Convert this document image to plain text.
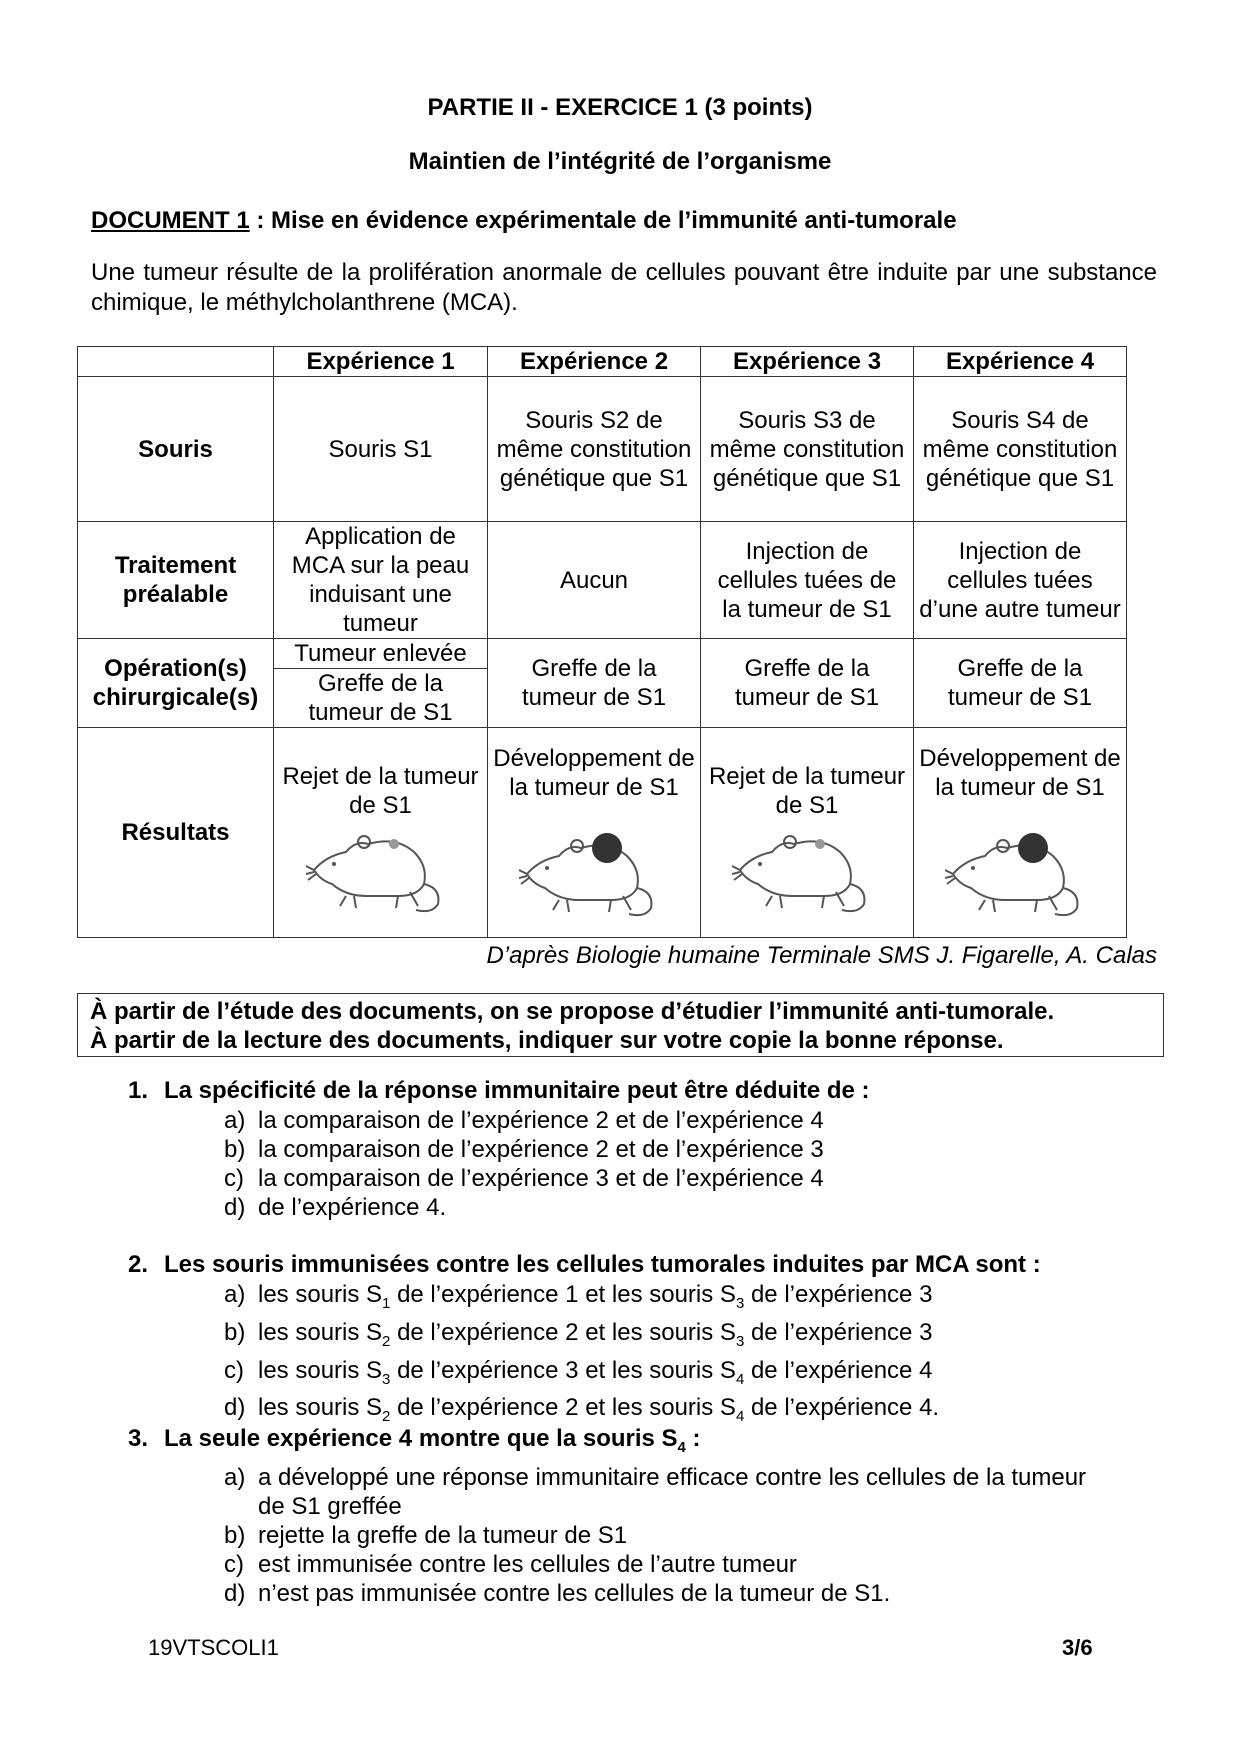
PARTIE II - EXERCICE 1 (3 points)
Maintien de l’intégrité de l’organisme
DOCUMENT 1 : Mise en évidence expérimentale de l’immunité anti-tumorale
Une tumeur résulte de la prolifération anormale de cellules pouvant être induite par une substance chimique, le méthylcholanthrene (MCA).
	Expérience 1	Expérience 2	Expérience 3	Expérience 4
Souris	Souris S1	Souris S2 de même constitution génétique que S1	Souris S3 de même constitution génétique que S1	Souris S4 de même constitution génétique que S1
Traitement préalable	Application de MCA sur la peau induisant une tumeur	Aucun	Injection de cellules tuées de la tumeur de S1	Injection de cellules tuées d’une autre tumeur
Opération(s) chirurgicale(s)	Tumeur enlevée	Greffe de la tumeur de S1	Greffe de la tumeur de S1	Greffe de la tumeur de S1
	Greffe de la tumeur de S1			
Résultats	Rejet de la tumeur de S1	Développement de la tumeur de S1	Rejet de la tumeur de S1	Développement de la tumeur de S1
D’après Biologie humaine Terminale SMS J. Figarelle, A. Calas
À partir de l’étude des documents, on se propose d’étudier l’immunité anti-tumorale.
À partir de la lecture des documents, indiquer sur votre copie la bonne réponse.
1. La spécificité de la réponse immunitaire peut être déduite de :
a) la comparaison de l’expérience 2 et de l’expérience 4
b) la comparaison de l’expérience 2 et de l’expérience 3
c) la comparaison de l’expérience 3 et de l’expérience 4
d) de l’expérience 4.
2. Les souris immunisées contre les cellules tumorales induites par MCA sont :
a) les souris $S_1$ de l’expérience 1 et les souris $S_3$ de l’expérience 3
b) les souris $S_2$ de l’expérience 2 et les souris $S_3$ de l’expérience 3
c) les souris $S_3$ de l’expérience 3 et les souris $S_4$ de l’expérience 4
d) les souris $S_2$ de l’expérience 2 et les souris $S_4$ de l’expérience 4.
3. La seule expérience 4 montre que la souris $S_4$ :
a) a développé une réponse immunitaire efficace contre les cellules de la tumeur
de S1 greffée
b) rejette la greffe de la tumeur de S1
c) est immunisée contre les cellules de l’autre tumeur
d) n’est pas immunisée contre les cellules de la tumeur de S1.
19VTSCOLI1	3/6
